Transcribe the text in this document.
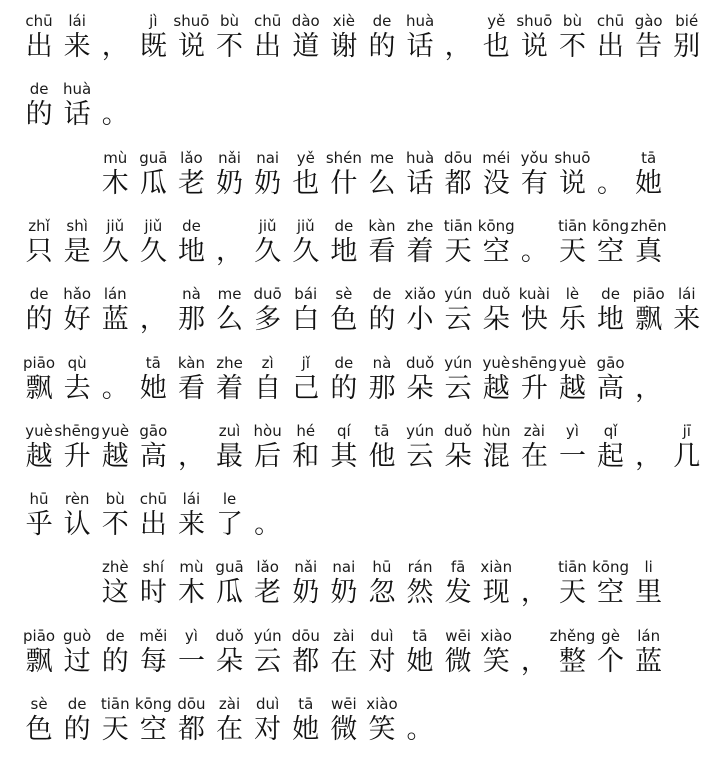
chū
出
lái
来 ，
jì
既
shuō
说
bù
不
chū
出
dào
道
xiè
谢
de
的
huà
话 ，
yě
也
shuō
说
bù
不
chū
出
gào
告
bié
别
de
的
huà
话 。
mù
木
guā
瓜
lǎo
老
nǎi
奶
nai
奶
yě
也
shén
什
me
么
huà
话
dōu
都
méi
没
yǒu
有
shuō
说 。
tā
她
zhǐ
只
shì
是
jiǔ
久
jiǔ
久
de
地 ，
jiǔ
久
jiǔ
久
de
地
kàn
看
zhe
着
tiān
天
kōng
空 。
tiān
天
kōng
空
zhēn
真
de
的
hǎo
好
lán
蓝 ，
nà
那
me
么
duō
多
bái
白
sè
色
de
的
xiǎo
小
yún
云
duǒ
朵
kuài
快
lè
乐
de
地
piāo
飘
lái
来
piāo
飘
qù
去 。
tā
她
kàn
看
zhe
着
zì
自
jǐ
己
de
的
nà
那
duǒ
朵
yún
云
yuè
越
shēng
升
yuè
越
gāo
高 ，
yuè
越
shēng
升
yuè
越
gāo
高 ，
zuì
最
hòu
后
hé
和
qí
其
tā
他
yún
云
duǒ
朵
hùn
混
zài
在
yì
一
qǐ
起 ，
jī
几
hū
乎
rèn
认
bù
不
chū
出
lái
来
le
了 。
zhè
这
shí
时
mù
木
guā
瓜
lǎo
老
nǎi
奶
nai
奶
hū
忽
rán
然
fā
发
xiàn
现 ，
tiān
天
kōng
空
li
里
piāo
飘
guò
过
de
的
měi
每
yì
一
duǒ
朵
yún
云
dōu
都
zài
在
duì
对
tā
她
wēi
微
xiào
笑 ，
zhěng
整
gè
个
lán
蓝
sè
色
de
的
tiān
天
kōng
空
dōu
都
zài
在
duì
对
tā
她
wēi
微
xiào
笑 。
